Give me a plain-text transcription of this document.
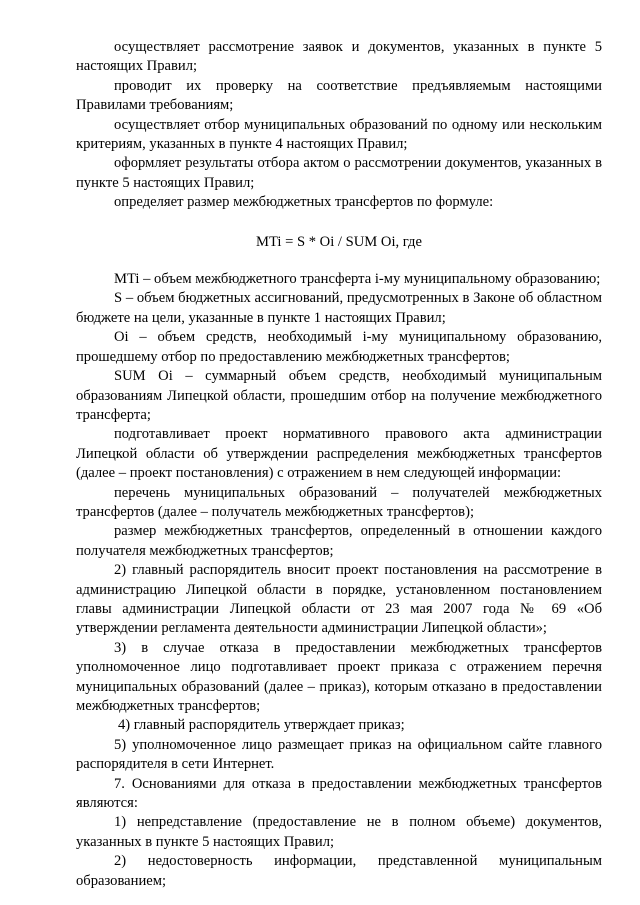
осуществляет рассмотрение заявок и документов, указанных в пункте 5 настоящих Правил;

проводит их проверку на соответствие предъявляемым настоящими Правилами требованиям;

осуществляет отбор муниципальных образований по одному или нескольким критериям, указанных в пункте 4 настоящих Правил;

оформляет результаты отбора актом о рассмотрении документов, указанных в пункте 5 настоящих Правил;

определяет размер межбюджетных трансфертов по формуле:

MTi = S * Oi / SUM Oi, где

MTi – объем межбюджетного трансферта i-му муниципальному образованию;

S – объем бюджетных ассигнований, предусмотренных в Законе об областном бюджете на цели, указанные в пункте 1 настоящих Правил;

Oi – объем средств, необходимый i-му муниципальному образованию, прошедшему отбор по предоставлению межбюджетных трансфертов;

SUM Oi – суммарный объем средств, необходимый муниципальным образованиям Липецкой области, прошедшим отбор на получение межбюджетного трансферта;

подготавливает проект нормативного правового акта администрации Липецкой области об утверждении распределения межбюджетных трансфертов (далее – проект постановления) с отражением в нем следующей информации:

перечень муниципальных образований – получателей межбюджетных трансфертов (далее – получатель межбюджетных трансфертов);

размер межбюджетных трансфертов, определенный в отношении каждого получателя межбюджетных трансфертов;

2) главный распорядитель вносит проект постановления на рассмотрение в администрацию Липецкой области в порядке, установленном постановлением главы администрации Липецкой области от 23 мая 2007 года № 69 «Об утверждении регламента деятельности администрации Липецкой области»;

3) в случае отказа в предоставлении межбюджетных трансфертов уполномоченное лицо подготавливает проект приказа с отражением перечня муниципальных образований (далее – приказ), которым отказано в предоставлении межбюджетных трансфертов;

4) главный распорядитель утверждает приказ;

5) уполномоченное лицо размещает приказ на официальном сайте главного распорядителя в сети Интернет.

7. Основаниями для отказа в предоставлении межбюджетных трансфертов являются:

1) непредставление (предоставление не в полном объеме) документов, указанных в пункте 5 настоящих Правил;

2) недостоверность информации, представленной муниципальным образованием;
